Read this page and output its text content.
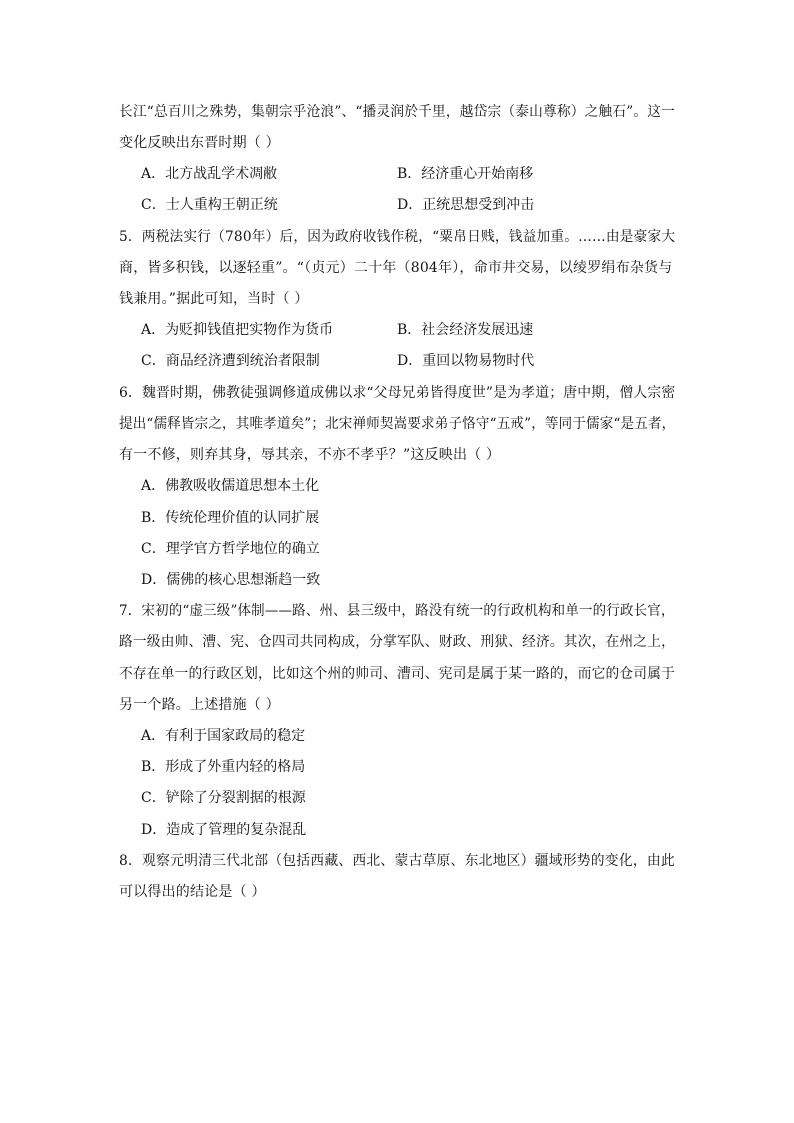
长江“总百川之殊势，集朝宗乎沧浪”、“播灵润於千里，越岱宗（泰山尊称）之触石”。这一
变化反映出东晋时期（ ）
A．北方战乱学术凋敝	B．经济重心开始南移
C．士人重构王朝正统	D．正统思想受到冲击
5．两税法实行（780年）后，因为政府收钱作税，“粟帛日贱，钱益加重。……由是豪家大
商，皆多积钱，以逐轻重”。“（贞元）二十年（804年），命市井交易，以绫罗绢布杂货与
钱兼用。”据此可知，当时（ ）
A．为贬抑钱值把实物作为货币	B．社会经济发展迅速
C．商品经济遭到统治者限制	D．重回以物易物时代
6．魏晋时期，佛教徒强调修道成佛以求“父母兄弟皆得度世”是为孝道；唐中期，僧人宗密
提出“儒释皆宗之，其唯孝道矣”；北宋禅师契嵩要求弟子恪守“五戒”，等同于儒家“是五者，
有一不修，则弃其身，辱其亲，不亦不孝乎？”这反映出（ ）
A．佛教吸收儒道思想本土化
B．传统伦理价值的认同扩展
C．理学官方哲学地位的确立
D．儒佛的核心思想渐趋一致
7．宋初的“虚三级”体制——路、州、县三级中，路没有统一的行政机构和单一的行政长官，
路一级由帅、漕、宪、仓四司共同构成，分掌军队、财政、刑狱、经济。其次，在州之上，
不存在单一的行政区划，比如这个州的帅司、漕司、宪司是属于某一路的，而它的仓司属于
另一个路。上述措施（ ）
A．有利于国家政局的稳定
B．形成了外重内轻的格局
C．铲除了分裂割据的根源
D．造成了管理的复杂混乱
8．观察元明清三代北部（包括西藏、西北、蒙古草原、东北地区）疆域形势的变化，由此
可以得出的结论是（ ）
